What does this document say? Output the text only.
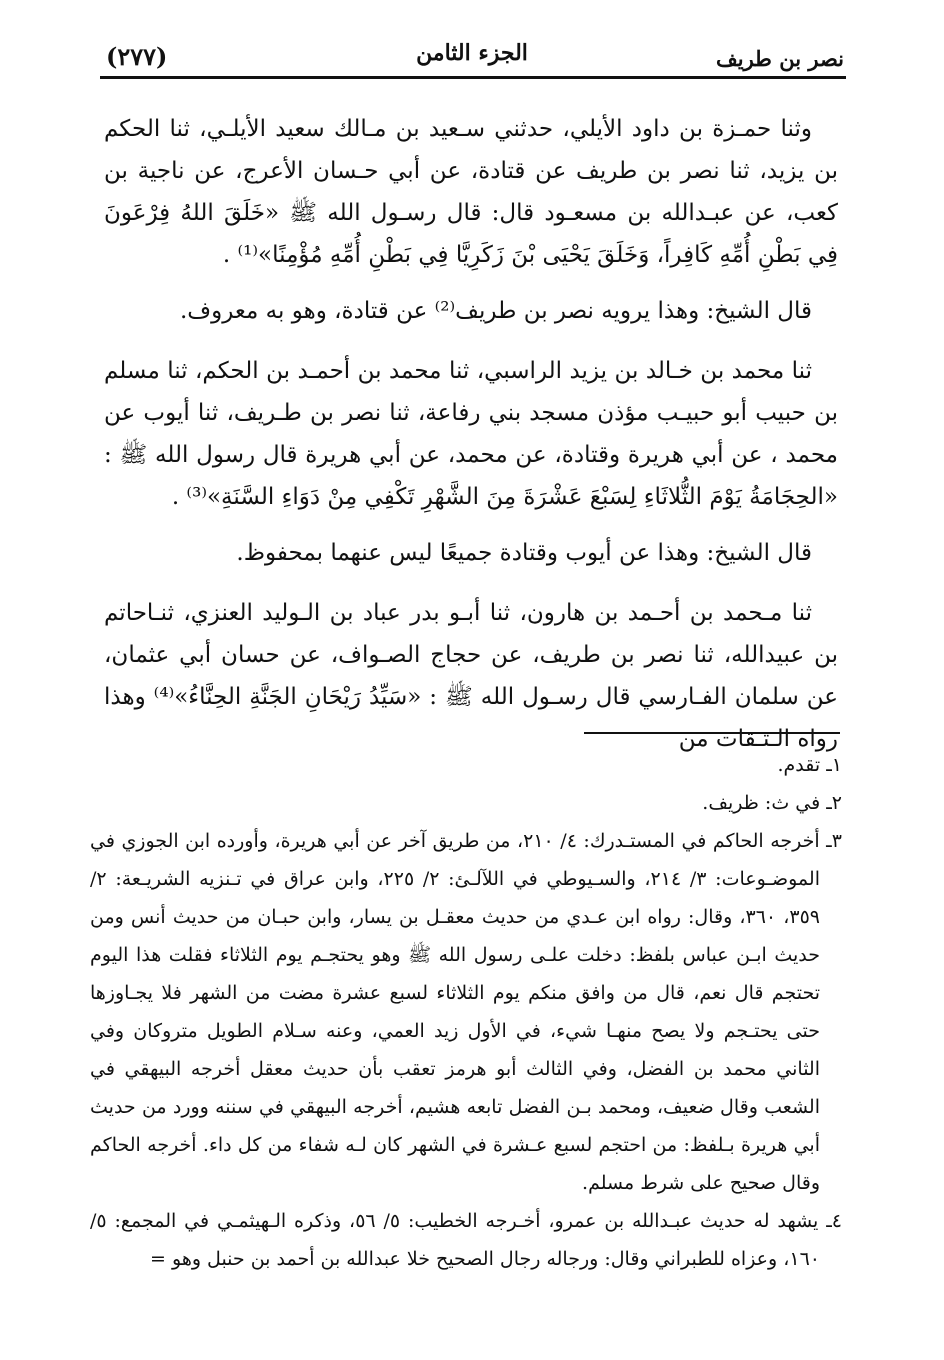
(٢٧٧)	الجزء الثامن	نصر بن طريف

وثنا حمـزة بن داود الأيلي، حدثني سـعيد بن مـالك سعيد الأيلـي، ثنا الحكم بن يزيد، ثنا نصر بن طريف عن قتادة، عن أبي حـسان الأعرج، عن ناجية بن كعب، عن عبـدالله بن مسعـود قال: قال رسـول الله ﷺ «خَلَقَ اللهُ فِرْعَونَ فِي بَطْنِ أُمِّهِ كَافِراً، وَخَلَقَ يَحْيَى بْنَ زَكَرِيَّا فِي بَطْنِ أُمِّهِ مُؤْمِنًا»⁽¹⁾ .

قال الشيخ: وهذا يرويه نصر بن طريف⁽²⁾ عن قتادة، وهو به معروف.

ثنا محمد بن خـالد بن يزيد الراسبي، ثنا محمد بن أحمـد بن الحكم، ثنا مسلم بن حبيب أبو حبيـب مؤذن مسجد بني رفاعة، ثنا نصر بن طـريف، ثنا أيوب عن محمد ، عن أبي هريرة وقتادة، عن محمد، عن أبي هريرة قال رسول الله ﷺ : «الحِجَامَةُ يَوْمَ الثُّلاثَاءِ لِسَبْعَ عَشْرَةَ مِنَ الشَّهْرِ تَكْفِي مِنْ دَوَاءِ السَّنَةِ»⁽³⁾ .

قال الشيخ: وهذا عن أيوب وقتادة جميعًا ليس عنهما بمحفوظ.

ثنا مـحمد بن أحـمد بن هارون، ثنا أبـو بدر عباد بن الـوليد العنزي، ثنـاحاتم بن عبيدالله، ثنا نصر بن طريف، عن حجاج الصـواف، عن حسان أبي عثمان، عن سلمان الفـارسي قال رسـول الله ﷺ : «سَيِّدُ رَيْحَانِ الجَنَّةِ الحِنَّاءُ»⁽⁴⁾ وهذا رواه الـثـقات من

١ـ تقدم.

٢ـ في ث: ظريف.

٣ـ أخرجه الحاكم في المستـدرك: ٤/ ٢١٠، من طريق آخر عن أبي هريرة، وأورده ابن الجوزي في الموضـوعات: ٣/ ٢١٤، والسـيوطي في اللآلـئ: ٢/ ٢٢٥، وابن عراق في تـنزيه الشريـعة: ٢/ ٣٥٩، ٣٦٠، وقال: رواه ابن عـدي من حديث معقـل بن يسار، وابن حبـان من حديث أنس ومن حديث ابـن عباس بلفظ: دخلت علـى رسول الله ﷺ وهو يحتجـم يوم الثلاثاء فقلت هذا اليوم تحتجم قال نعم، قال من وافق منكم يوم الثلاثاء لسبع عشرة مضت من الشهر فلا يجـاوزها حتى يحتـجم ولا يصح منهـا شيء، في الأول زيد العمي، وعنه سـلام الطويل متروكان وفي الثاني محمد بن الفضل، وفي الثالث أبو هرمز تعقب بأن حديث معقل أخرجه البيهقي في الشعب وقال ضعيف، ومحمد بـن الفضل تابعه هشيم، أخرجه البيهقي في سننه وورد من حديث أبي هريرة بـلفظ: من احتجم لسبع عـشرة في الشهر كان لـه شفاء من كل داء. أخرجه الحاكم وقال صحيح على شرط مسلم.

٤ـ يشهد له حديث عبـدالله بن عمرو، أخـرجه الخطيب: ٥/ ٥٦، وذكره الـهيثمـي في المجمع: ٥/ ١٦٠، وعزاه للطبراني وقال: ورجاله رجال الصحيح خلا عبدالله بن أحمد بن حنبل وهو =
